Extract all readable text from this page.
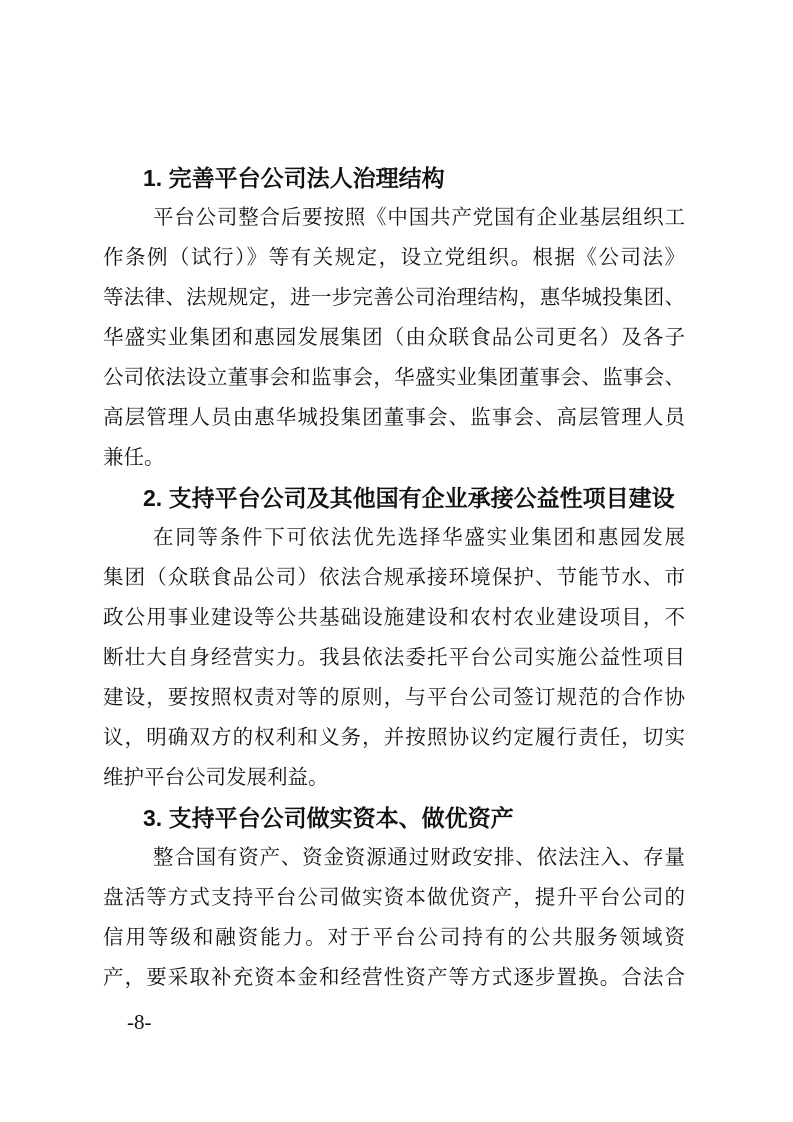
1. 完善平台公司法人治理结构
平台公司整合后要按照《中国共产党国有企业基层组织工
作条例（试行）》等有关规定，设立党组织。根据《公司法》
等法律、法规规定，进一步完善公司治理结构，惠华城投集团、
华盛实业集团和惠园发展集团（由众联食品公司更名）及各子
公司依法设立董事会和监事会，华盛实业集团董事会、监事会、
高层管理人员由惠华城投集团董事会、监事会、高层管理人员
兼任。
2. 支持平台公司及其他国有企业承接公益性项目建设
在同等条件下可依法优先选择华盛实业集团和惠园发展
集团（众联食品公司）依法合规承接环境保护、节能节水、市
政公用事业建设等公共基础设施建设和农村农业建设项目，不
断壮大自身经营实力。我县依法委托平台公司实施公益性项目
建设，要按照权责对等的原则，与平台公司签订规范的合作协
议，明确双方的权利和义务，并按照协议约定履行责任，切实
维护平台公司发展利益。
3. 支持平台公司做实资本、做优资产
整合国有资产、资金资源通过财政安排、依法注入、存量
盘活等方式支持平台公司做实资本做优资产，提升平台公司的
信用等级和融资能力。对于平台公司持有的公共服务领域资
产，要采取补充资本金和经营性资产等方式逐步置换。合法合
-8-
